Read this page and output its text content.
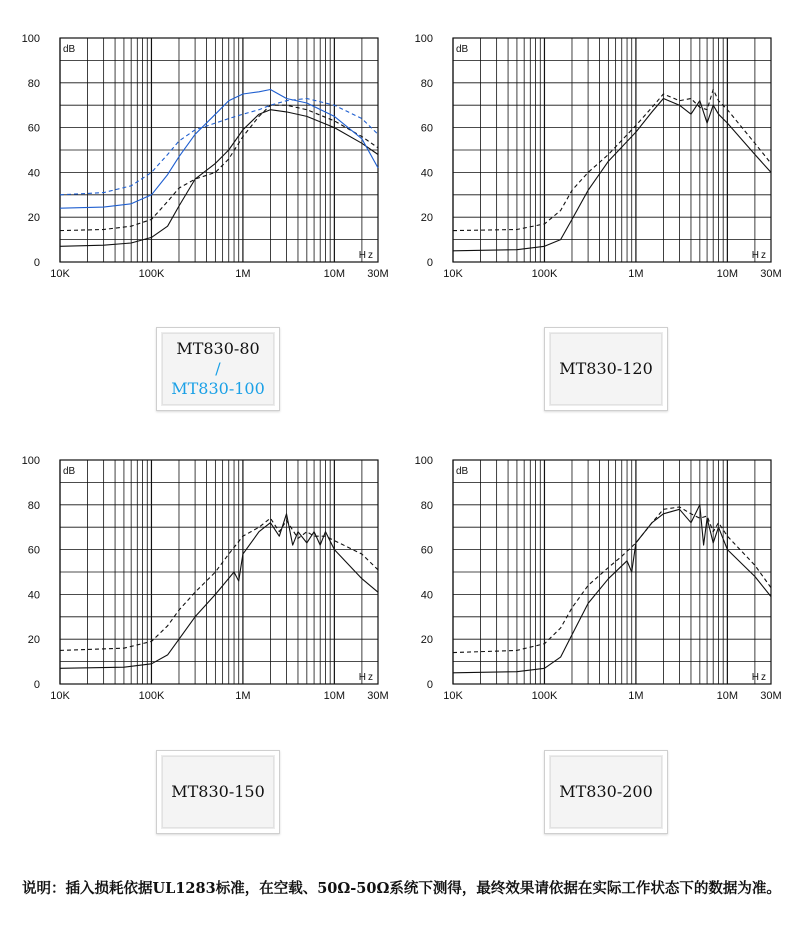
0
20
40
60
80
100
10K	100K	1M	10M 30M
dB
Hz
0
20
40
60
80
100
10K	100K	1M	10M 30M
dB
Hz
0
20
40
60
80
100
10K	100K	1M	10M 30M
dB
Hz
0
20
40
60
80
100
10K	100K	1M	10M 30M
dB
Hz
MT830-80
/
MT830-100
MT830-120
MT830-150	MT830-200
说明：插入损耗依据UL1283标准，在空载、50Ω-50Ω系统下测得，最终效果请依据在实际工作状态下的数据为准。
